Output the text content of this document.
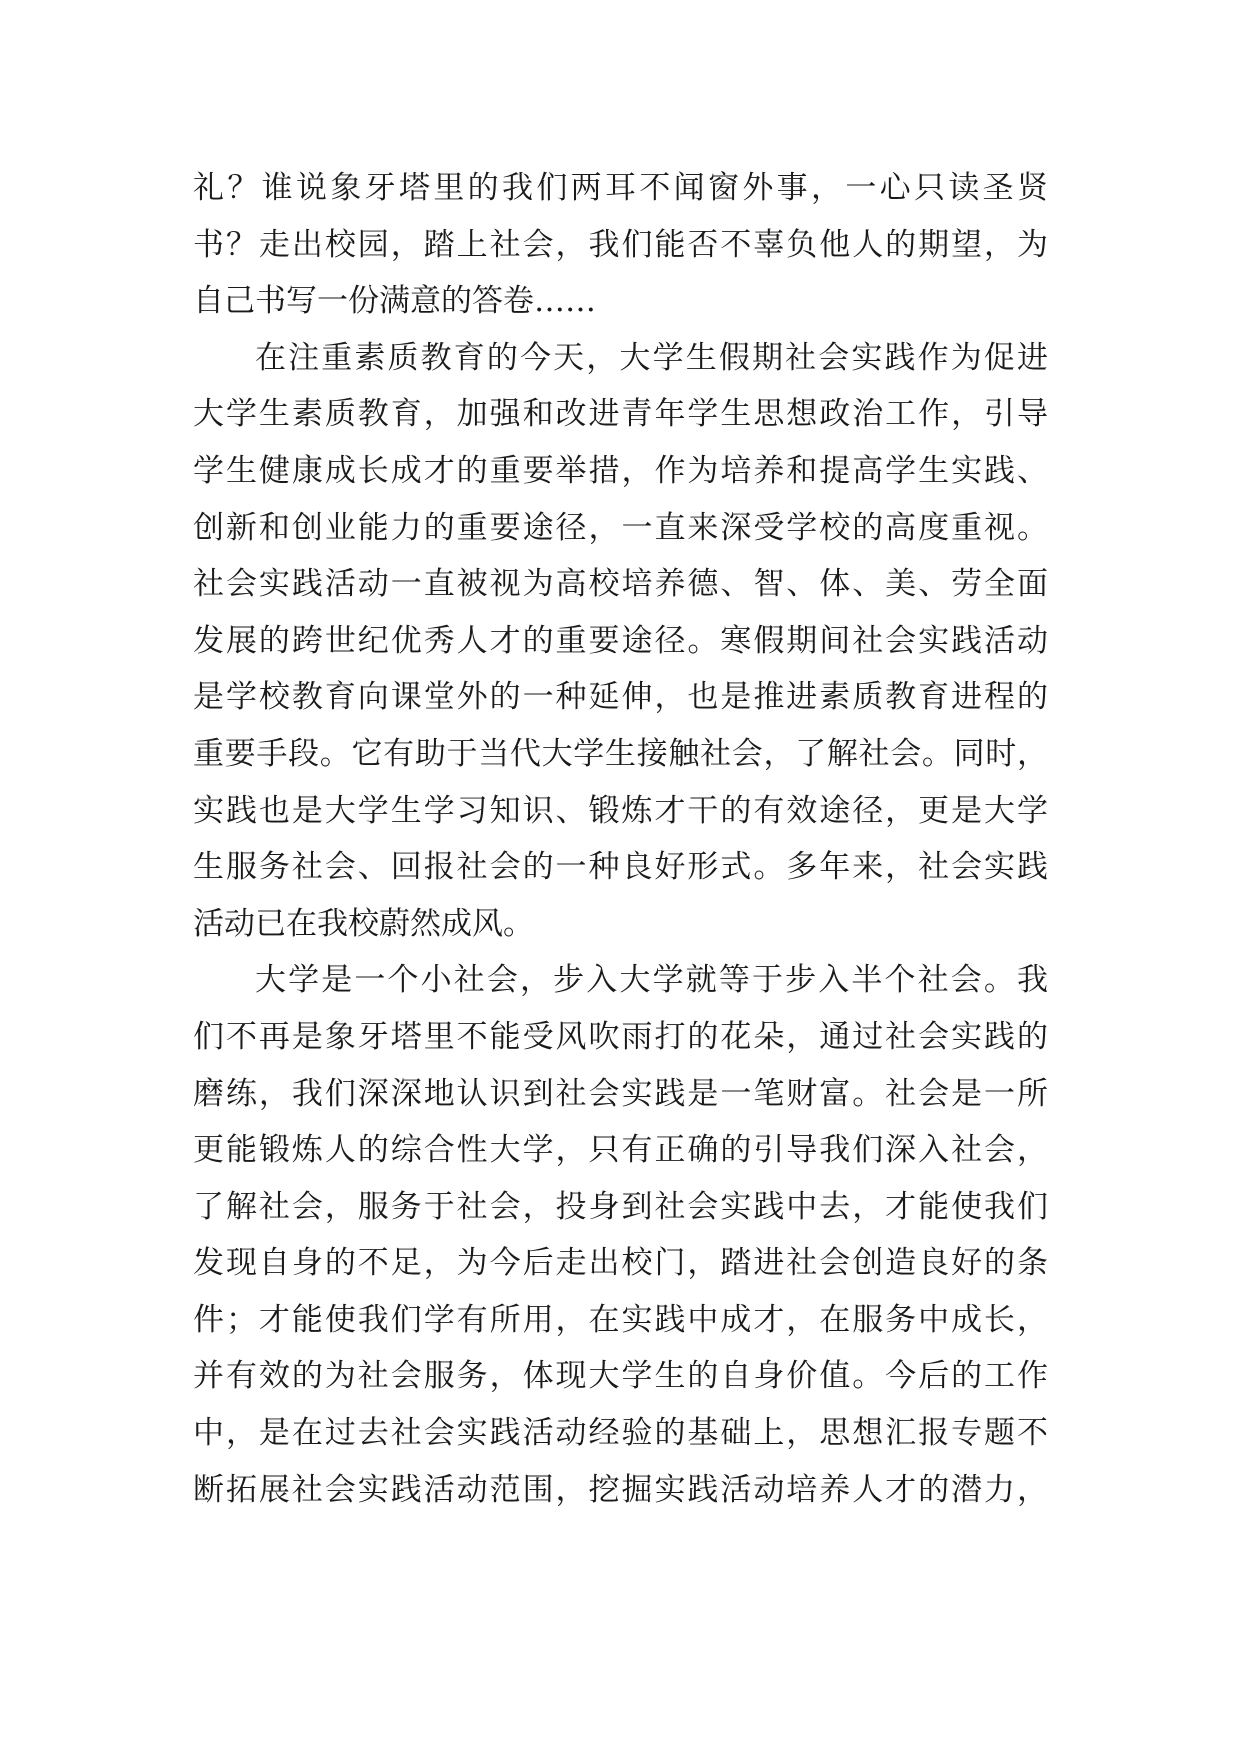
礼？谁说象牙塔里的我们两耳不闻窗外事，一心只读圣贤
书？走出校园，踏上社会，我们能否不辜负他人的期望，为
自己书写一份满意的答卷……
在注重素质教育的今天，大学生假期社会实践作为促进
大学生素质教育，加强和改进青年学生思想政治工作，引导
学生健康成长成才的重要举措，作为培养和提高学生实践、
创新和创业能力的重要途径，一直来深受学校的高度重视。
社会实践活动一直被视为高校培养德、智、体、美、劳全面
发展的跨世纪优秀人才的重要途径。寒假期间社会实践活动
是学校教育向课堂外的一种延伸，也是推进素质教育进程的
重要手段。它有助于当代大学生接触社会，了解社会。同时，
实践也是大学生学习知识、锻炼才干的有效途径，更是大学
生服务社会、回报社会的一种良好形式。多年来，社会实践
活动已在我校蔚然成风。
大学是一个小社会，步入大学就等于步入半个社会。我
们不再是象牙塔里不能受风吹雨打的花朵，通过社会实践的
磨练，我们深深地认识到社会实践是一笔财富。社会是一所
更能锻炼人的综合性大学，只有正确的引导我们深入社会，
了解社会，服务于社会，投身到社会实践中去，才能使我们
发现自身的不足，为今后走出校门，踏进社会创造良好的条
件；才能使我们学有所用，在实践中成才，在服务中成长，
并有效的为社会服务，体现大学生的自身价值。今后的工作
中，是在过去社会实践活动经验的基础上，思想汇报专题不
断拓展社会实践活动范围，挖掘实践活动培养人才的潜力，
